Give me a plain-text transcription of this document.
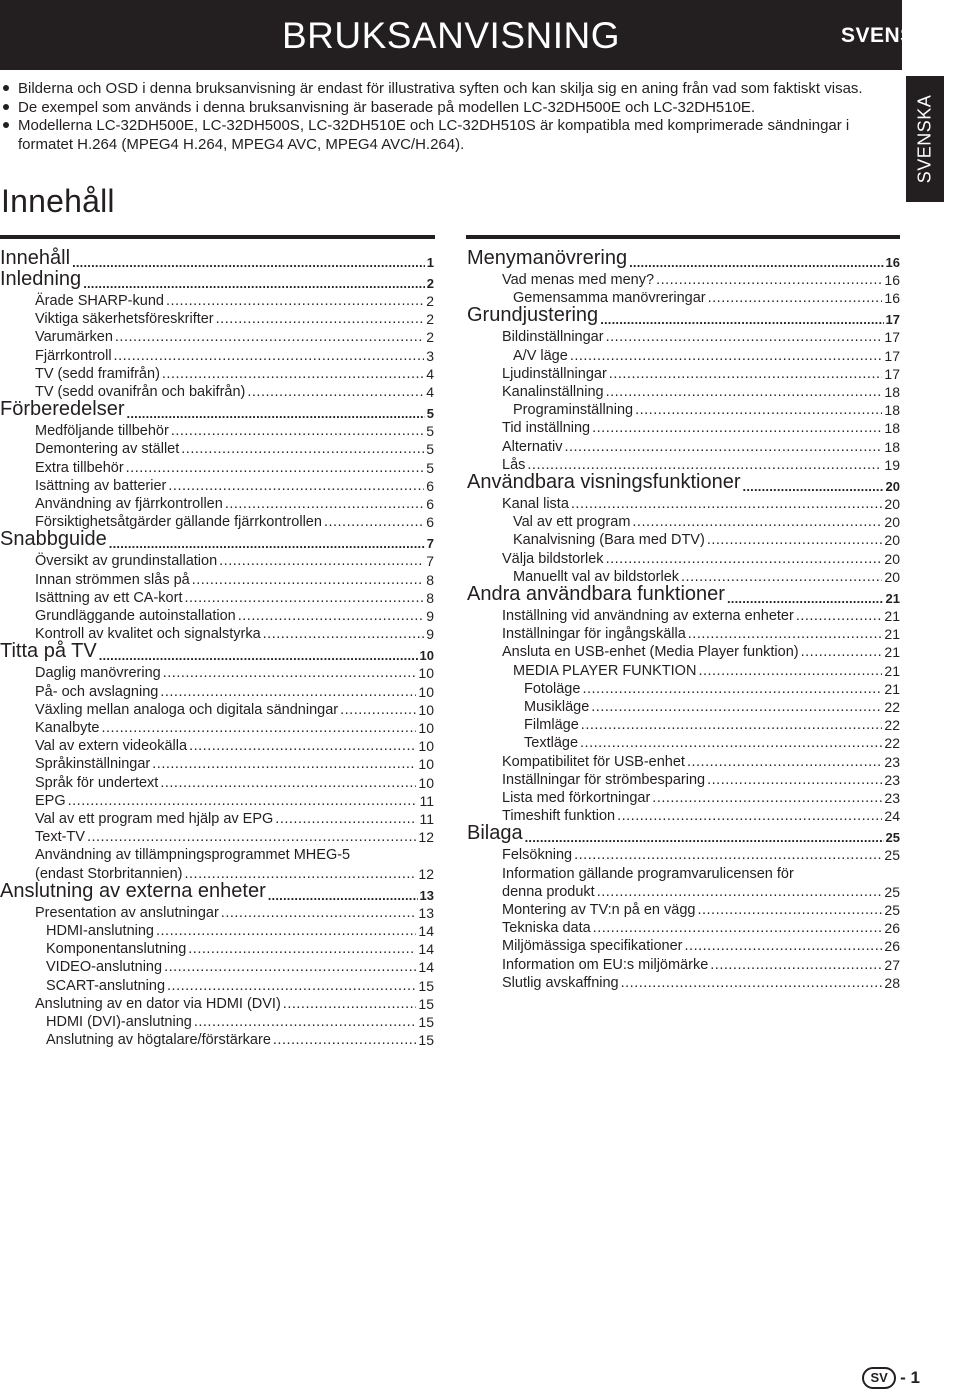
BRUKSANVISNING	SVENSKA
SVENSKA
Bilderna och OSD i denna bruksanvisning är endast för illustrativa syften och kan skilja sig en aning från vad som faktiskt visas.
De exempel som används i denna bruksanvisning är baserade på modellen LC-32DH500E och LC-32DH510E.
Modellerna LC-32DH500E, LC-32DH500S, LC-32DH510E och LC-32DH510S är kompatibla med komprimerade sändningar i formatet H.264 (MPEG4 H.264, MPEG4 AVC, MPEG4 AVC/H.264).
Innehåll
Innehåll .....	1
Inledning .....	2
Ärade SHARP-kund .....	2
Viktiga säkerhetsföreskrifter .....	2
Varumärken .....	2
Fjärrkontroll .....	3
TV (sedd framifrån) .....	4
TV (sedd ovanifrån och bakifrån) .....	4
Förberedelser .....	5
Medföljande tillbehör .....	5
Demontering av stället .....	5
Extra tillbehör .....	5
Isättning av batterier .....	6
Användning av fjärrkontrollen .....	6
Försiktighetsåtgärder gällande fjärrkontrollen .....	6
Snabbguide .....	7
Översikt av grundinstallation .....	7
Innan strömmen slås på .....	8
Isättning av ett CA-kort .....	8
Grundläggande autoinstallation .....	9
Kontroll av kvalitet och signalstyrka .....	9
Titta på TV .....	10
Daglig manövrering .....	10
På- och avslagning .....	10
Växling mellan analoga och digitala sändningar .....	10
Kanalbyte .....	10
Val av extern videokälla .....	10
Språkinställningar .....	10
Språk för undertext .....	10
EPG .....	11
Val av ett program med hjälp av EPG .....	11
Text-TV .....	12
Användning av tillämpningsprogrammet MHEG-5
(endast Storbritannien) .....	12
Anslutning av externa enheter .....	13
Presentation av anslutningar .....	13
HDMI-anslutning .....	14
Komponentanslutning .....	14
VIDEO-anslutning .....	14
SCART-anslutning .....	15
Anslutning av en dator via HDMI (DVI) .....	15
HDMI (DVI)-anslutning .....	15
Anslutning av högtalare/förstärkare .....	15
Menymanövrering .....	16
Vad menas med meny? .....	16
Gemensamma manövreringar .....	16
Grundjustering .....	17
Bildinställningar .....	17
A/V läge .....	17
Ljudinställningar .....	17
Kanalinställning .....	18
Programinställning .....	18
Tid inställning .....	18
Alternativ .....	18
Lås .....	19
Användbara visningsfunktioner .....	20
Kanal lista .....	20
Val av ett program .....	20
Kanalvisning (Bara med DTV) .....	20
Välja bildstorlek .....	20
Manuellt val av bildstorlek .....	20
Andra användbara funktioner .....	21
Inställning vid användning av externa enheter .....	21
Inställningar för ingångskälla .....	21
Ansluta en USB-enhet (Media Player funktion) .....	21
MEDIA PLAYER FUNKTION .....	21
Fotoläge .....	21
Musikläge .....	22
Filmläge .....	22
Textläge .....	22
Kompatibilitet för USB-enhet .....	23
Inställningar för strömbesparing .....	23
Lista med förkortningar .....	23
Timeshift funktion .....	24
Bilaga .....	25
Felsökning .....	25
Information gällande programvarulicensen för
denna produkt .....	25
Montering av TV:n på en vägg .....	25
Tekniska data .....	26
Miljömässiga specifikationer .....	26
Information om EU:s miljömärke .....	27
Slutlig avskaffning .....	28
SV - 1
